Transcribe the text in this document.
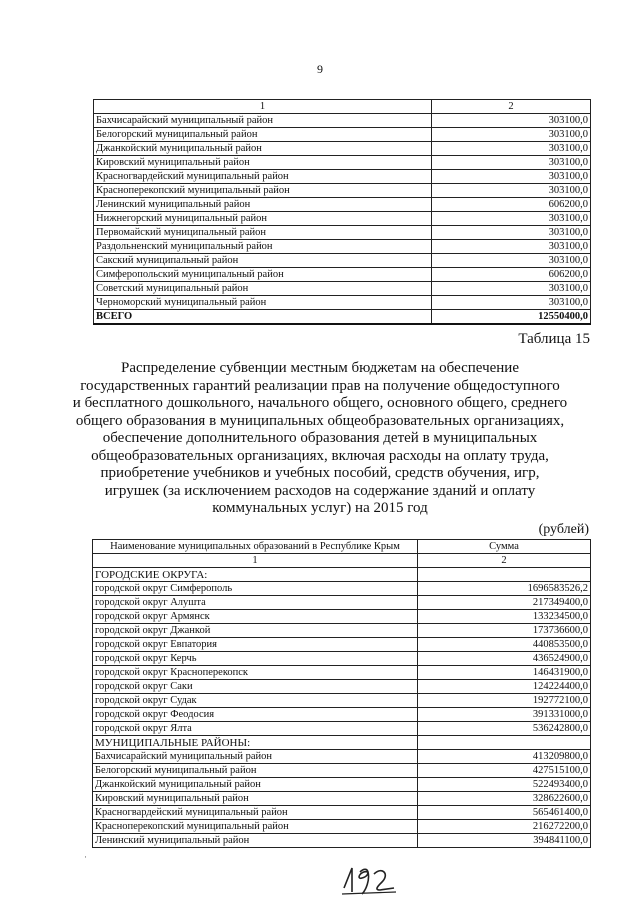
9
1	2
Бахчисарайский муниципальный район	303100,0
Белогорский муниципальный район	303100,0
Джанкойский муниципальный район	303100,0
Кировский муниципальный район	303100,0
Красногвардейский муниципальный район	303100,0
Красноперекопский муниципальный район	303100,0
Ленинский муниципальный район	606200,0
Нижнегорский муниципальный район	303100,0
Первомайский муниципальный район	303100,0
Раздольненский муниципальный район	303100,0
Сакский муниципальный район	303100,0
Симферопольский муниципальный район	606200,0
Советский муниципальный район	303100,0
Черноморский муниципальный район	303100,0
ВСЕГО	12550400,0
Таблица 15
Распределение субвенции местным бюджетам на обеспечение
государственных гарантий реализации прав на получение общедоступного
и бесплатного дошкольного, начального общего, основного общего, среднего
общего образования в муниципальных общеобразовательных организациях,
обеспечение дополнительного образования детей в муниципальных
общеобразовательных организациях, включая расходы на оплату труда,
приобретение учебников и учебных пособий, средств обучения, игр,
игрушек (за исключением расходов на содержание зданий и оплату
коммунальных услуг) на 2015 год
(рублей)
Наименование муниципальных образований в Республике Крым	Сумма
1	2
ГОРОДСКИЕ ОКРУГА:	
городской округ Симферополь	1696583526,2
городской округ Алушта	217349400,0
городской округ Армянск	133234500,0
городской округ Джанкой	173736600,0
городской округ Евпатория	440853500,0
городской округ Керчь	436524900,0
городской округ Красноперекопск	146431900,0
городской округ Саки	124224400,0
городской округ Судак	192772100,0
городской округ Феодосия	391331000,0
городской округ Ялта	536242800,0
МУНИЦИПАЛЬНЫЕ РАЙОНЫ:	
Бахчисарайский муниципальный район	413209800,0
Белогорский муниципальный район	427515100,0
Джанкойский муниципальный район	522493400,0
Кировский муниципальный район	328622600,0
Красногвардейский муниципальный район	565461400,0
Красноперекопский муниципальный район	216272200,0
Ленинский муниципальный район	394841100,0
·
